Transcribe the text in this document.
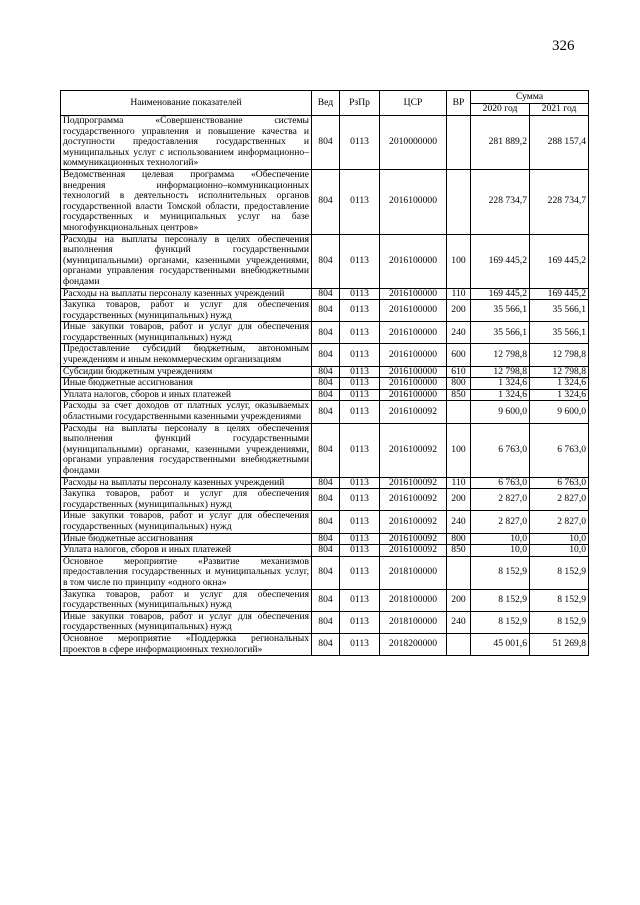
326
Наименование показателей	Вед	РзПр	ЦСР	ВР	Сумма	
					2020 год	2021 год
Подпрограмма «Совершенствование системы государственного управления и повышение качества и доступности предоставления государственных и муниципальных услуг с использованием информационно–коммуникационных технологий»	804	0113	2010000000		281 889,2	288 157,4
Ведомственная целевая программа «Обеспечение внедрения информационно–коммуникационных технологий в деятельность исполнительных органов государственной власти Томской области, предоставление государственных и муниципальных услуг на базе многофункциональных центров»	804	0113	2016100000		228 734,7	228 734,7
Расходы на выплаты персоналу в целях обеспечения выполнения функций государственными (муниципальными) органами, казенными учреждениями, органами управления государственными внебюджетными фондами	804	0113	2016100000	100	169 445,2	169 445,2
Расходы на выплаты персоналу казенных учреждений	804	0113	2016100000	110	169 445,2	169 445,2
Закупка товаров, работ и услуг для обеспечения государственных (муниципальных) нужд	804	0113	2016100000	200	35 566,1	35 566,1
Иные закупки товаров, работ и услуг для обеспечения государственных (муниципальных) нужд	804	0113	2016100000	240	35 566,1	35 566,1
Предоставление субсидий бюджетным, автономным учреждениям и иным некоммерческим организациям	804	0113	2016100000	600	12 798,8	12 798,8
Субсидии бюджетным учреждениям	804	0113	2016100000	610	12 798,8	12 798,8
Иные бюджетные ассигнования	804	0113	2016100000	800	1 324,6	1 324,6
Уплата налогов, сборов и иных платежей	804	0113	2016100000	850	1 324,6	1 324,6
Расходы за счет доходов от платных услуг, оказываемых областными государственными казенными учреждениями	804	0113	2016100092		9 600,0	9 600,0
Расходы на выплаты персоналу в целях обеспечения выполнения функций государственными (муниципальными) органами, казенными учреждениями, органами управления государственными внебюджетными фондами	804	0113	2016100092	100	6 763,0	6 763,0
Расходы на выплаты персоналу казенных учреждений	804	0113	2016100092	110	6 763,0	6 763,0
Закупка товаров, работ и услуг для обеспечения государственных (муниципальных) нужд	804	0113	2016100092	200	2 827,0	2 827,0
Иные закупки товаров, работ и услуг для обеспечения государственных (муниципальных) нужд	804	0113	2016100092	240	2 827,0	2 827,0
Иные бюджетные ассигнования	804	0113	2016100092	800	10,0	10,0
Уплата налогов, сборов и иных платежей	804	0113	2016100092	850	10,0	10,0
Основное мероприятие «Развитие механизмов предоставления государственных и муниципальных услуг, в том числе по принципу «одного окна»	804	0113	2018100000		8 152,9	8 152,9
Закупка товаров, работ и услуг для обеспечения государственных (муниципальных) нужд	804	0113	2018100000	200	8 152,9	8 152,9
Иные закупки товаров, работ и услуг для обеспечения государственных (муниципальных) нужд	804	0113	2018100000	240	8 152,9	8 152,9
Основное мероприятие «Поддержка региональных проектов в сфере информационных технологий»	804	0113	2018200000		45 001,6	51 269,8
